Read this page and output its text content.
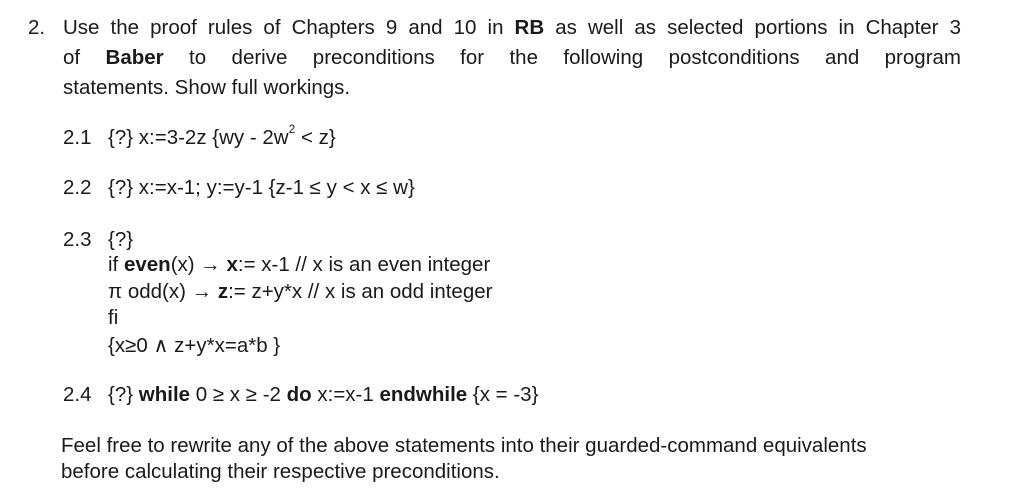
2. Use the proof rules of Chapters 9 and 10 in RB as well as selected portions in Chapter 3
of Baber to derive preconditions for the following postconditions and program
statements. Show full workings.
2.1 {?} x:=3-2z $\{wy - 2w^2 < z\}$
2.2 {?} x:=x-1; y:=y-1 {z-1 ≤ y < x ≤ w}
2.3 {?}
if even(x) → x:= x-1 // x is an even integer
π odd(x) → z:= z+y*x // x is an odd integer
fi
{x≥0 ∧ z+y*x=a*b }
2.4 {?} while 0 ≥ x ≥ -2 do x:=x-1 endwhile {x = -3}
Feel free to rewrite any of the above statements into their guarded-command equivalents
before calculating their respective preconditions.
